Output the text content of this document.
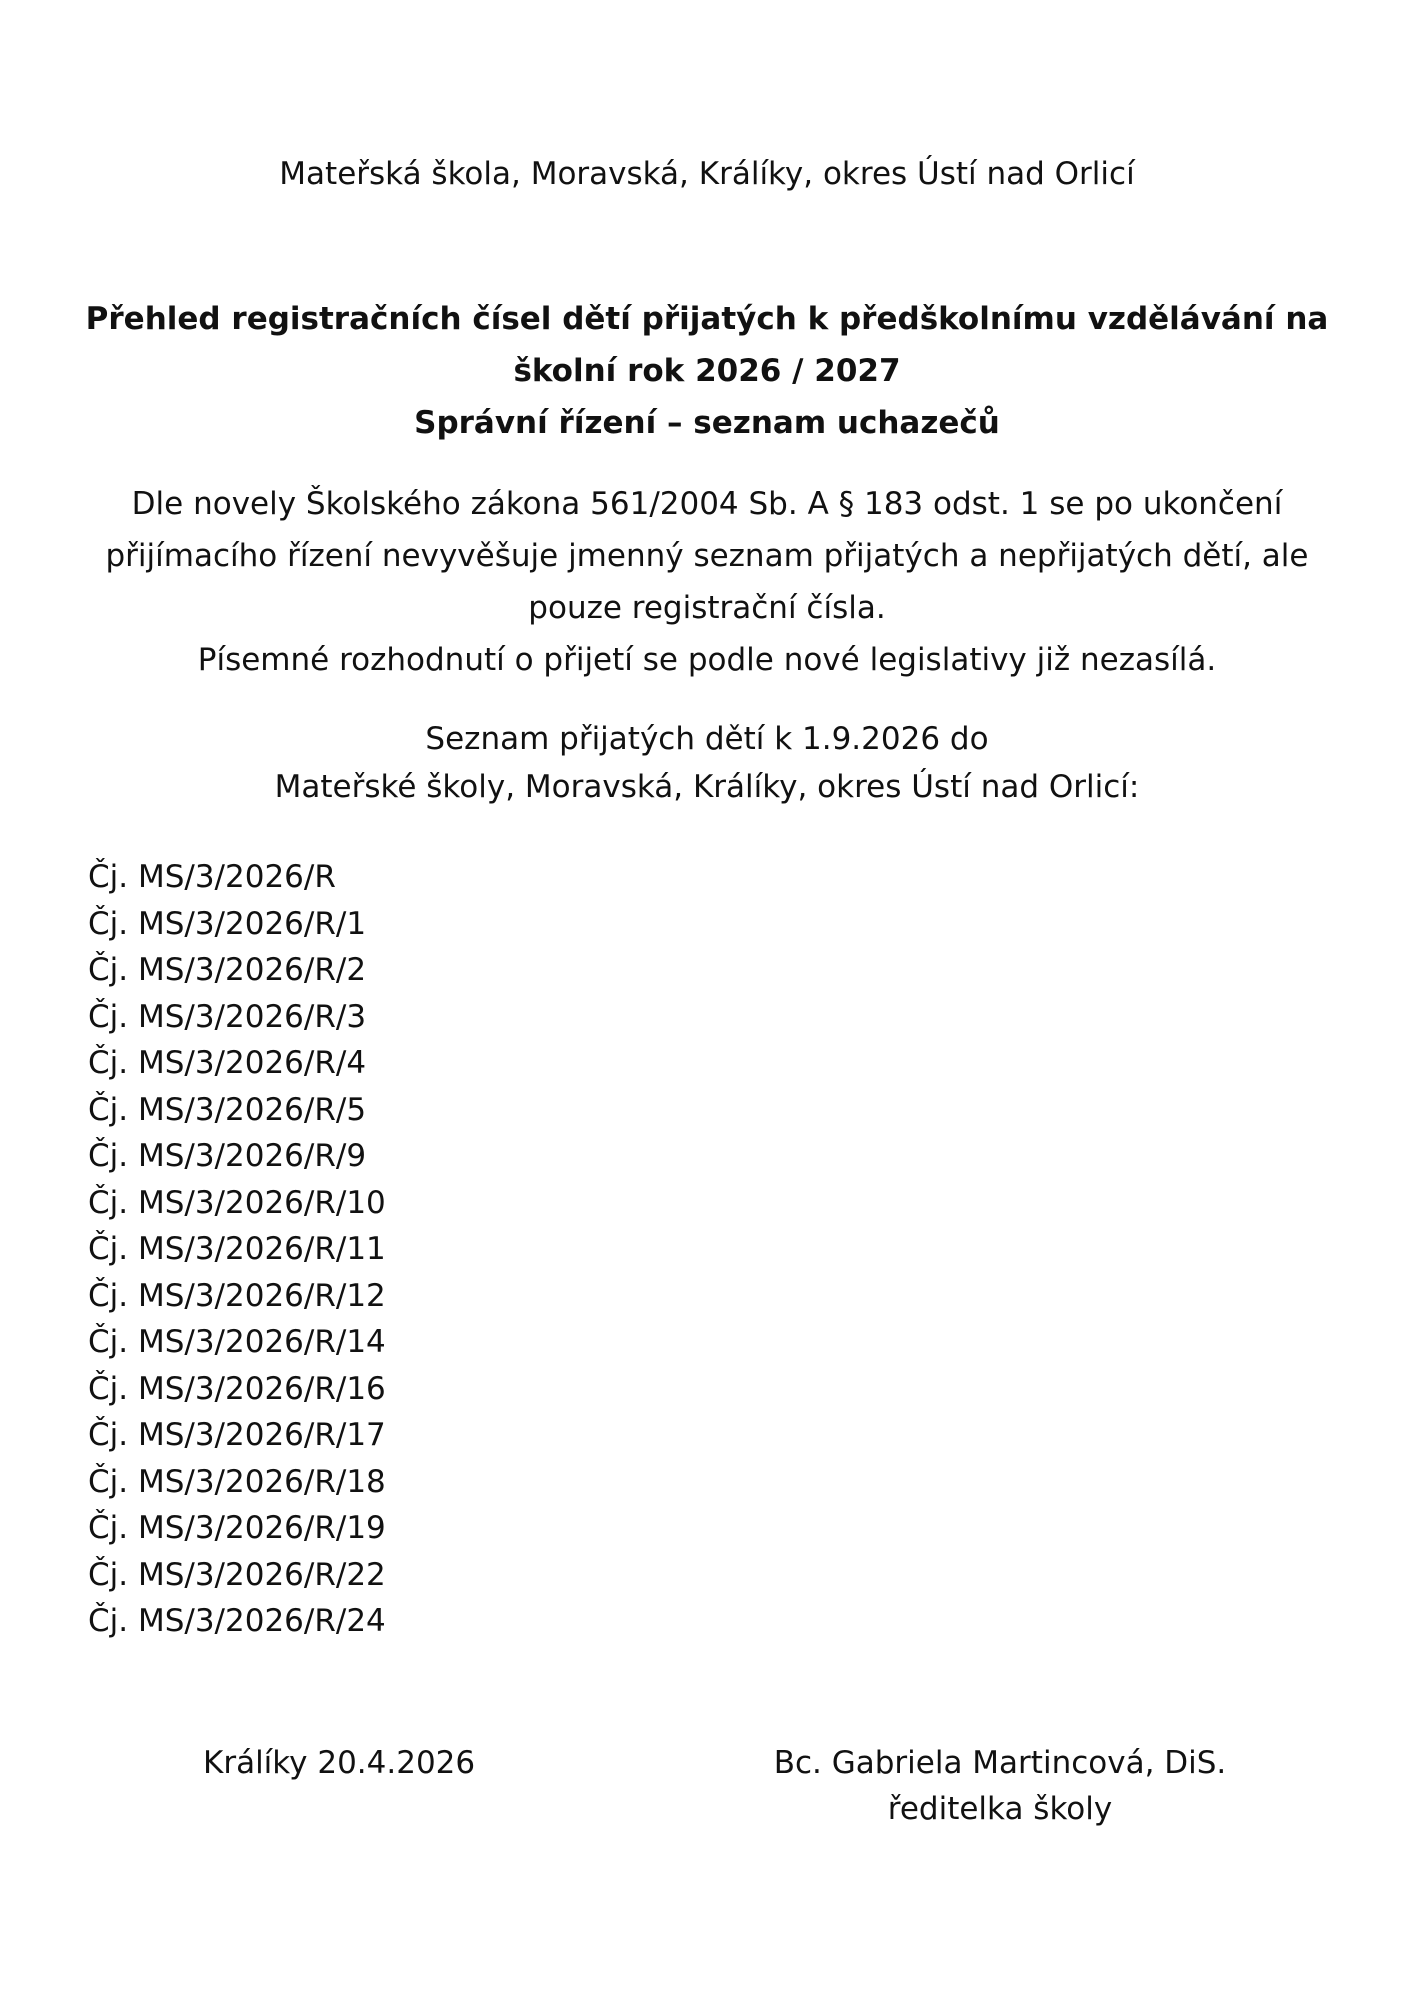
Mateřská škola, Moravská, Králíky, okres Ústí nad Orlicí
Přehled registračních čísel dětí přijatých k předškolnímu vzdělávání na
školní rok 2026 / 2027
Správní řízení – seznam uchazečů
Dle novely Školského zákona 561/2004 Sb. A § 183 odst. 1 se po ukončení
přijímacího řízení nevyvěšuje jmenný seznam přijatých a nepřijatých dětí, ale
pouze registrační čísla.
Písemné rozhodnutí o přijetí se podle nové legislativy již nezasílá.
Seznam přijatých dětí k 1.9.2026 do
Mateřské školy, Moravská, Králíky, okres Ústí nad Orlicí:
Čj. MS/3/2026/R
Čj. MS/3/2026/R/1
Čj. MS/3/2026/R/2
Čj. MS/3/2026/R/3
Čj. MS/3/2026/R/4
Čj. MS/3/2026/R/5
Čj. MS/3/2026/R/9
Čj. MS/3/2026/R/10
Čj. MS/3/2026/R/11
Čj. MS/3/2026/R/12
Čj. MS/3/2026/R/14
Čj. MS/3/2026/R/16
Čj. MS/3/2026/R/17
Čj. MS/3/2026/R/18
Čj. MS/3/2026/R/19
Čj. MS/3/2026/R/22
Čj. MS/3/2026/R/24
Králíky 20.4.2026	Bc. Gabriela Martincová, DiS.
ředitelka školy
